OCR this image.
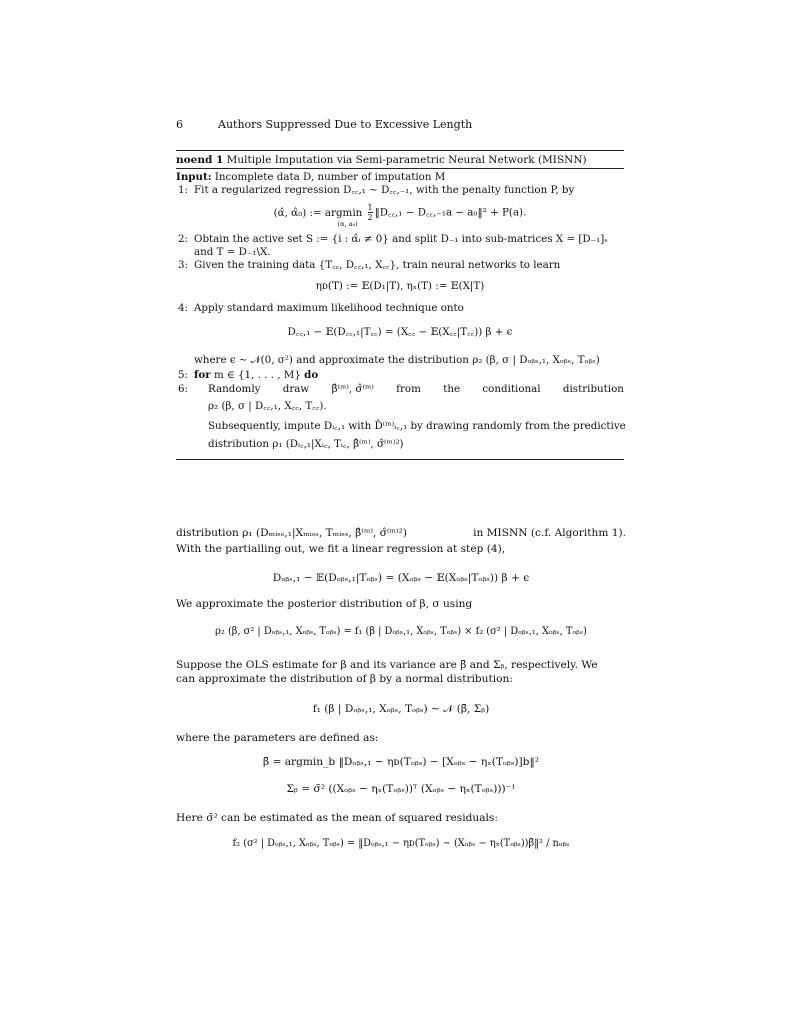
6	Authors Suppressed Due to Excessive Length
noend 1 Multiple Imputation via Semi-parametric Neural Network (MISNN)
Input: Incomplete data D, number of imputation M
1: Fit a regularized regression D꜀꜀,₁ ∼ D꜀꜀,₋₁, with the penalty function P, by
(α̂, α̂₀) := argmin
(α, a₀)

$\frac{1}{2}$ ‖D꜀꜀,₁ − D꜀꜀,₋₁a − a₀‖² + P(a).
2: Obtain the active set S := {i : α̂ᵢ ≠ 0} and split D₋₁ into sub-matrices X = [D₋₁]ₛ
and T = D₋₁\X.
3: Given the training data {T꜀꜀, D꜀꜀,₁, X꜀꜀}, train neural networks to learn
ηᴅ(T) := 𝔼(D₁|T), ηₓ(T) := 𝔼(X|T)
4: Apply standard maximum likelihood technique onto
D꜀꜀,₁ − 𝔼(D꜀꜀,₁|T꜀꜀) = (X꜀꜀ − 𝔼(X꜀꜀|T꜀꜀)) β + ϵ
where ϵ ∼ 𝒩(0, σ²) and approximate the distribution ρ₂ (β, σ | Dₒᵦₛ,₁, Xₒᵦₛ, Tₒᵦₛ)
5: for m ∈ {1, . . . , M} do
6: Randomly draw β̂⁽ᵐ⁾, σ̂⁽ᵐ⁾ from the conditional distribution
ρ₂ (β, σ | D꜀꜀,₁, X꜀꜀, T꜀꜀).
Subsequently, impute Dᵢ꜀,₁ with D̂⁽ᵐ⁾ᵢ꜀,₁ by drawing randomly from the predictive
distribution ρ₁ (Dᵢ꜀,₁|Xᵢ꜀, Tᵢ꜀, β̂⁽ᵐ⁾, σ̂⁽ᵐ⁾²)
distribution ρ₁ (Dₘᵢₛₛ,₁|Xₘᵢₛₛ, Tₘᵢₛₛ, β̂⁽ᵐ⁾, σ̂⁽ᵐ⁾²)	in MISNN (c.f. Algorithm 1).
With the partialling out, we fit a linear regression at step (4),
Dₒᵦₛ,₁ − 𝔼(Dₒᵦₛ,₁|Tₒᵦₛ) = (Xₒᵦₛ − 𝔼(Xₒᵦₛ|Tₒᵦₛ)) β + ϵ
We approximate the posterior distribution of β, σ using
ρ₂ (β, σ² | Dₒᵦₛ,₁, Xₒᵦₛ, Tₒᵦₛ) = f₁ (β | Dₒᵦₛ,₁, Xₒᵦₛ, Tₒᵦₛ) × f₂ (σ² | Dₒᵦₛ,₁, Xₒᵦₛ, Tₒᵦₛ)
Suppose the OLS estimate for β and its variance are β̄ and Σᵦ, respectively. We
can approximate the distribution of β by a normal distribution:
f₁ (β | Dₒᵦₛ,₁, Xₒᵦₛ, Tₒᵦₛ) ∼ 𝒩 (β̄, Σᵦ)
where the parameters are defined as:
β̄ = argmin_b ‖Dₒᵦₛ,₁ − ηᴅ(Tₒᵦₛ) − [Xₒᵦₛ − ηₓ(Tₒᵦₛ)]b‖²
Σᵦ = σ̄² ((Xₒᵦₛ − ηₓ(Tₒᵦₛ))ᵀ (Xₒᵦₛ − ηₓ(Tₒᵦₛ)))⁻¹
Here σ̄² can be estimated as the mean of squared residuals:
f₂ (σ² | Dₒᵦₛ,₁, Xₒᵦₛ, Tₒᵦₛ) = ‖Dₒᵦₛ,₁ − ηᴅ(Tₒᵦₛ) − (Xₒᵦₛ − ηₓ(Tₒᵦₛ))β̄‖² / nₒᵦₛ
